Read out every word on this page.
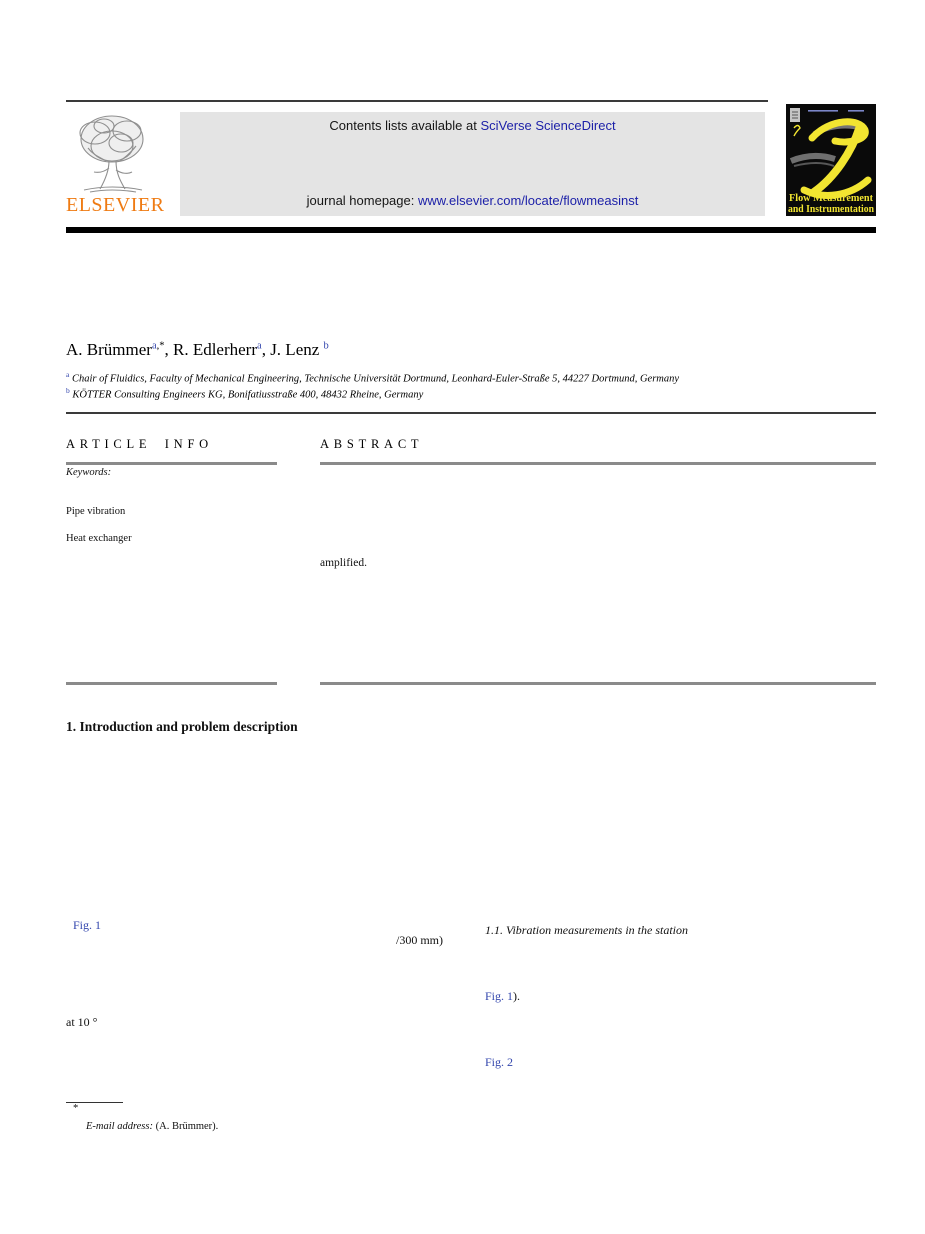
ELSEVIER
Contents lists available at SciVerse ScienceDirect
journal homepage: www.elsevier.com/locate/flowmeasinst	Flow Measurement
and Instrumentation
A. Brümmer$^{a,*}$, R. Edlerherr$^a$, J. Lenz $^b$
$^a$ Chair of Fluidics, Faculty of Mechanical Engineering, Technische Universität Dortmund, Leonhard-Euler-Straße 5, 44227 Dortmund, Germany
$^b$ KÖTTER Consulting Engineers KG, Bonifatiusstraße 400, 48432 Rheine, Germany
ARTICLE INFO	ABSTRACT
Keywords:
Pipe vibration
Heat exchanger
amplified.
1. Introduction and problem description
Fig. 1
/300 mm)
at 10 °
1.1. Vibration measurements in the station
Fig. 1).
Fig. 2
*
E-mail address: (A. Brümmer).
